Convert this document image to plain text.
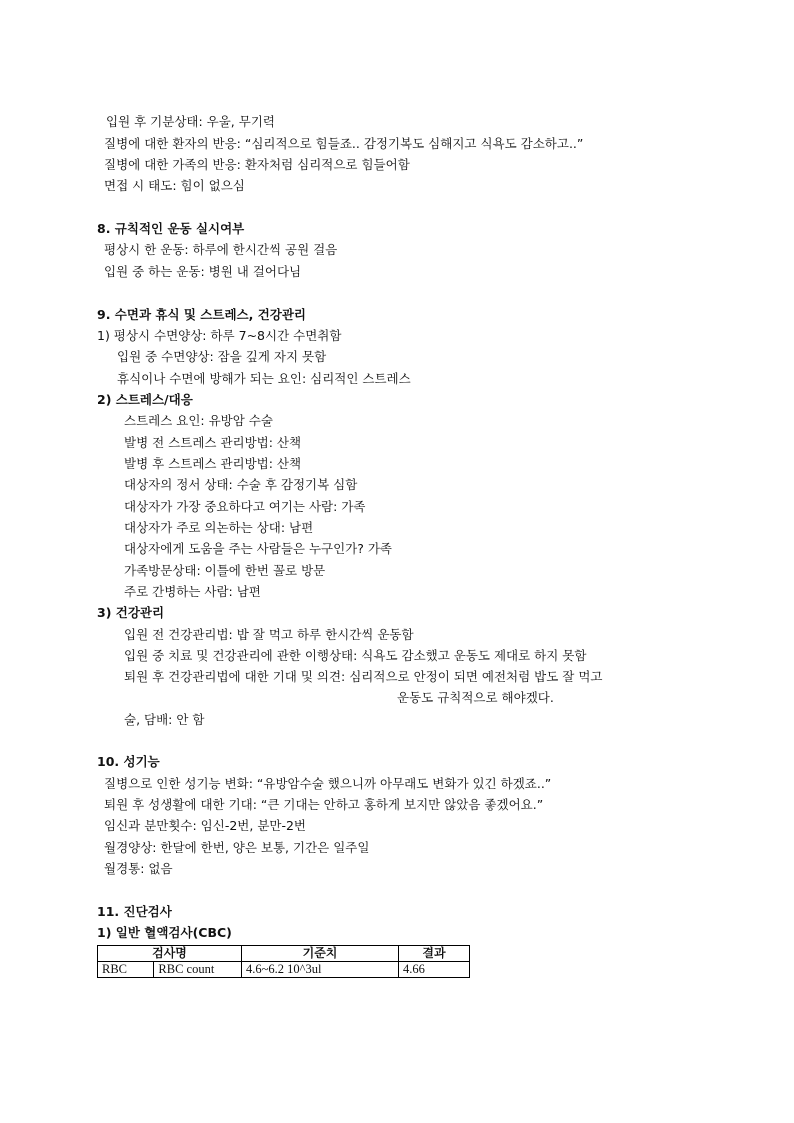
입원 후 기분상태: 우울, 무기력
질병에 대한 환자의 반응: “심리적으로 힘들죠.. 감정기복도 심해지고 식욕도 감소하고..”
질병에 대한 가족의 반응: 환자처럼 심리적으로 힘들어함
면접 시 태도: 힘이 없으심
8. 규칙적인 운동 실시여부
평상시 한 운동: 하루에 한시간씩 공원 걸음
입원 중 하는 운동: 병원 내 걸어다님
9. 수면과 휴식 및 스트레스, 건강관리
1) 평상시 수면양상: 하루 7~8시간 수면취함
입원 중 수면양상: 잠을 깊게 자지 못함
휴식이나 수면에 방해가 되는 요인: 심리적인 스트레스
2) 스트레스/대응
스트레스 요인: 유방암 수술
발병 전 스트레스 관리방법: 산책
발병 후 스트레스 관리방법: 산책
대상자의 정서 상태: 수술 후 감정기복 심함
대상자가 가장 중요하다고 여기는 사람: 가족
대상자가 주로 의논하는 상대: 남편
대상자에게 도움을 주는 사람들은 누구인가? 가족
가족방문상태: 이틀에 한번 꼴로 방문
주로 간병하는 사람: 남편
3) 건강관리
입원 전 건강관리법: 밥 잘 먹고 하루 한시간씩 운동함
입원 중 치료 및 건강관리에 관한 이행상태: 식욕도 감소했고 운동도 제대로 하지 못함
퇴원 후 건강관리법에 대한 기대 및 의견: 심리적으로 안정이 되면 예전처럼 밥도 잘 먹고
운동도 규칙적으로 해야겠다.
술, 담배: 안 함
10. 성기능
질병으로 인한 성기능 변화: “유방암수술 했으니까 아무래도 변화가 있긴 하겠죠..”
퇴원 후 성생활에 대한 기대: “큰 기대는 안하고 홍하게 보지만 않았음 좋겠어요.”
임신과 분만횟수: 임신-2번, 분만-2번
월경양상: 한달에 한번, 양은 보통, 기간은 일주일
월경통: 없음
11. 진단검사
1) 일반 혈액검사(CBC)
검사명		기준치	결과
RBC	RBC count	4.6~6.2 10^3ul	4.66
